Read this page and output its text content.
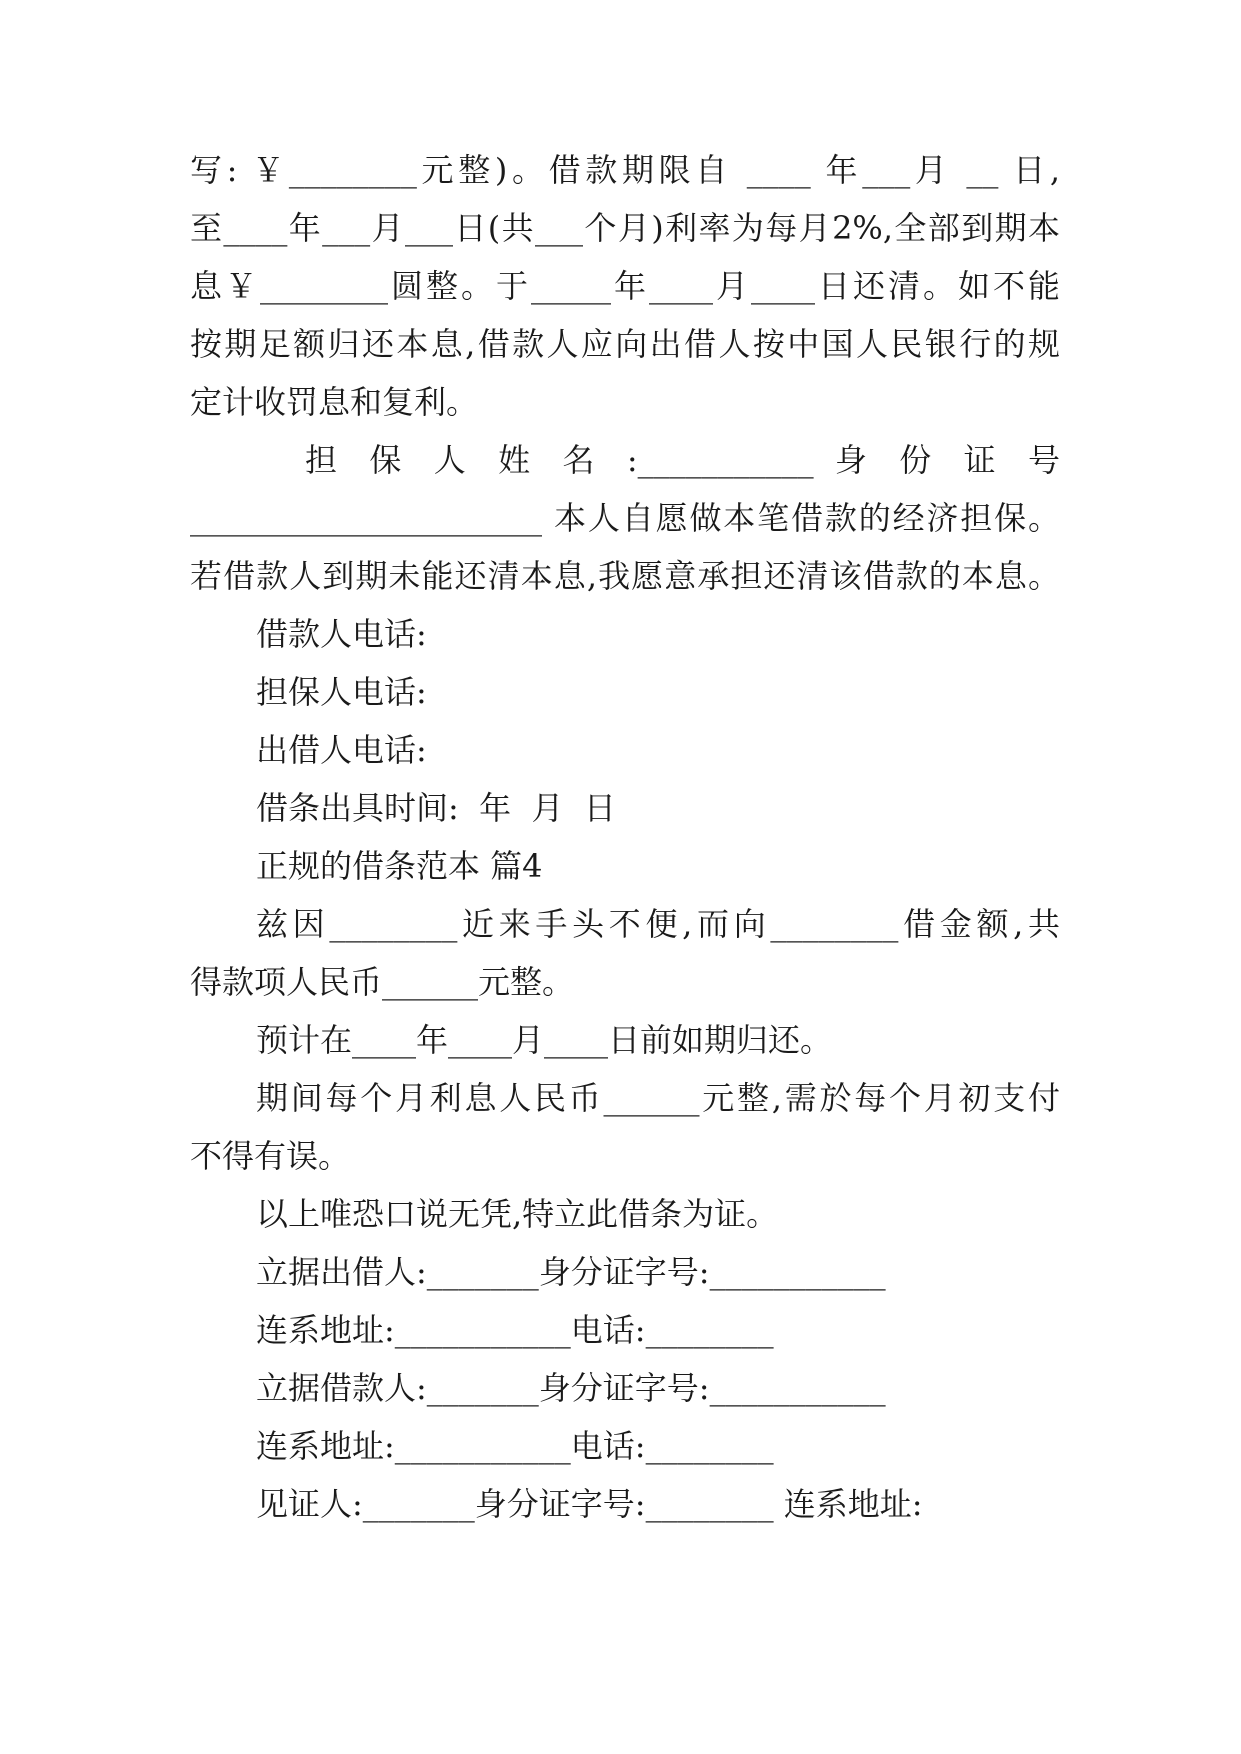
写: ￥________元整)。借款期限自 ____ 年___月 __ 日,
至____年___月___日(共___个月)利率为每月2%,全部到期本
息￥________圆整。于_____年____月____日还清。如不能
按期足额归还本息,借款人应向出借人按中国人民银行的规
定计收罚息和复利。
担 保 人 姓 名 :___________ 身 份 证 号
______________________ 本人自愿做本笔借款的经济担保。
若借款人到期未能还清本息,我愿意承担还清该借款的本息。
借款人电话:
担保人电话:
出借人电话:
借条出具时间:  年  月  日
正规的借条范本 篇4
兹因________近来手头不便,而向________借金额,共
得款项人民币______元整。
预计在____年____月____日前如期归还。
期间每个月利息人民币______元整,需於每个月初支付
不得有误。
以上唯恐口说无凭,特立此借条为证。
立据出借人:_______身分证字号:___________
连系地址:___________电话:________
立据借款人:_______身分证字号:___________
连系地址:___________电话:________
见证人:_______身分证字号:________ 连系地址:
